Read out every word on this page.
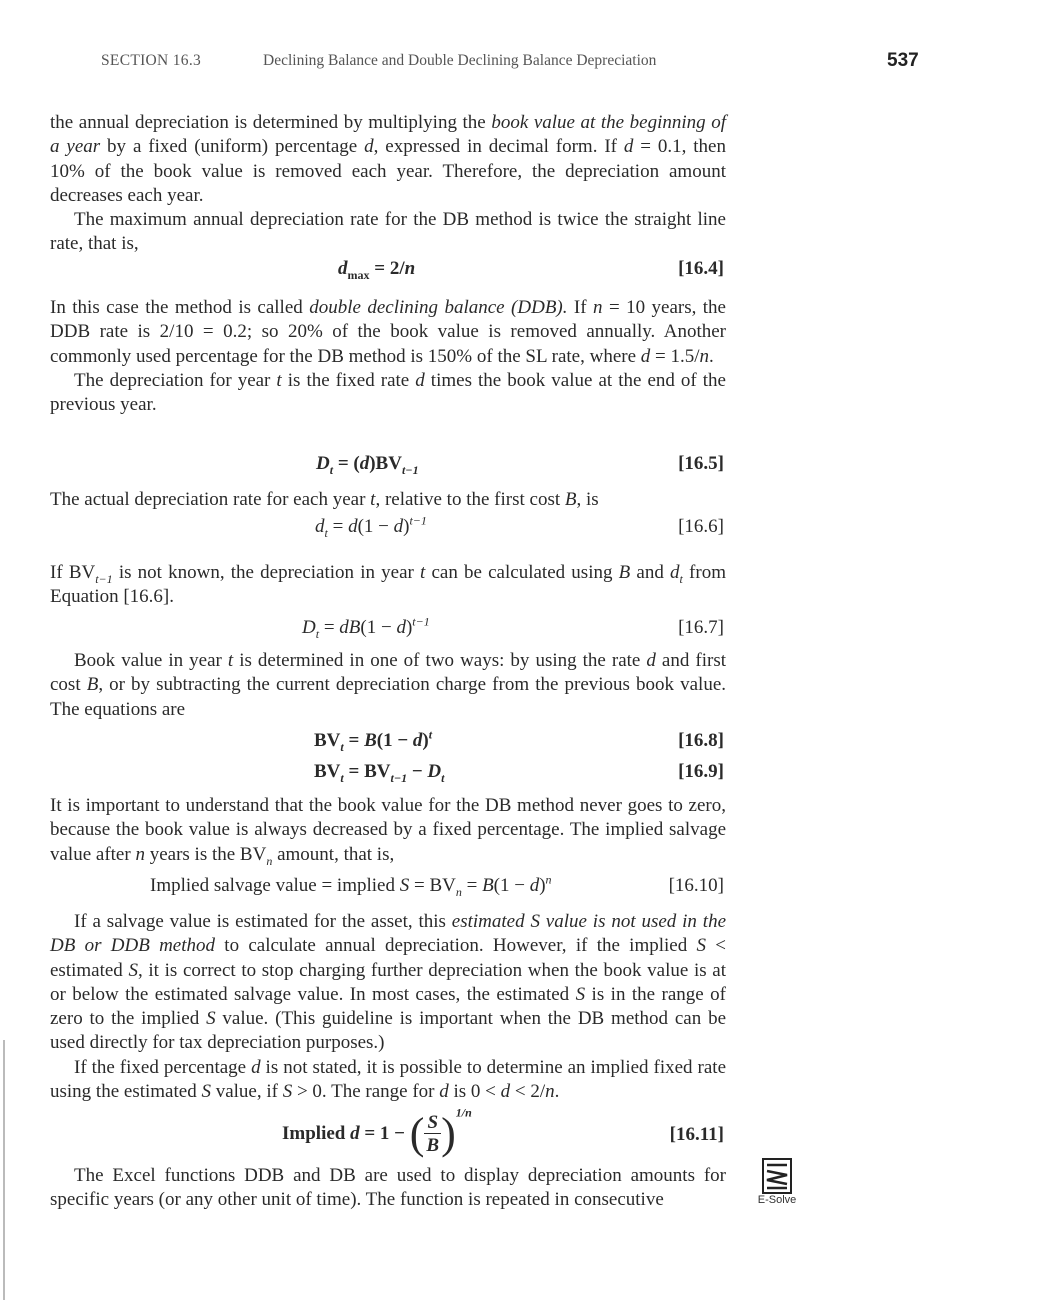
SECTION 16.3	Declining Balance and Double Declining Balance Depreciation	537

the annual depreciation is determined by multiplying the book value at the beginning of a year by a fixed (uniform) percentage d, expressed in decimal form. If d = 0.1, then 10% of the book value is removed each year. Therefore, the depreciation amount decreases each year.

The maximum annual depreciation rate for the DB method is twice the straight line rate, that is,

$d_{max} = 2/n$	[16.4]

In this case the method is called double declining balance (DDB). If n = 10 years, the DDB rate is 2/10 = 0.2; so 20% of the book value is removed annually. Another commonly used percentage for the DB method is 150% of the SL rate, where d = 1.5/n.

The depreciation for year t is the fixed rate d times the book value at the end of the previous year.

$D_t = (d)BV_{t-1}$	[16.5]

The actual depreciation rate for each year t, relative to the first cost B, is

$d_t = d(1 - d)^{t-1}$	[16.6]

If $BV_{t-1}$ is not known, the depreciation in year t can be calculated using B and $d_t$ from Equation [16.6].

$D_t = dB(1 - d)^{t-1}$	[16.7]

Book value in year t is determined in one of two ways: by using the rate d and first cost B, or by subtracting the current depreciation charge from the previous book value. The equations are

$BV_t = B(1 - d)^t$	[16.8]
$BV_t = BV_{t-1} - D_t$	[16.9]

It is important to understand that the book value for the DB method never goes to zero, because the book value is always decreased by a fixed percentage. The implied salvage value after n years is the $BV_n$ amount, that is,

Implied salvage value = implied $S = BV_n = B(1 - d)^n$	[16.10]

If a salvage value is estimated for the asset, this estimated S value is not used in the DB or DDB method to calculate annual depreciation. However, if the implied S < estimated S, it is correct to stop charging further depreciation when the book value is at or below the estimated salvage value. In most cases, the estimated S is in the range of zero to the implied S value. (This guideline is important when the DB method can be used directly for tax depreciation purposes.)

If the fixed percentage d is not stated, it is possible to determine an implied fixed rate using the estimated S value, if S > 0. The range for d is 0 < d < 2/n.

Implied d = 1 − ( $\frac{S}{B} )^{1/n}$
[16.11]

The Excel functions DDB and DB are used to display depreciation amounts for specific years (or any other unit of time). The function is repeated in consecutive	E-Solve
